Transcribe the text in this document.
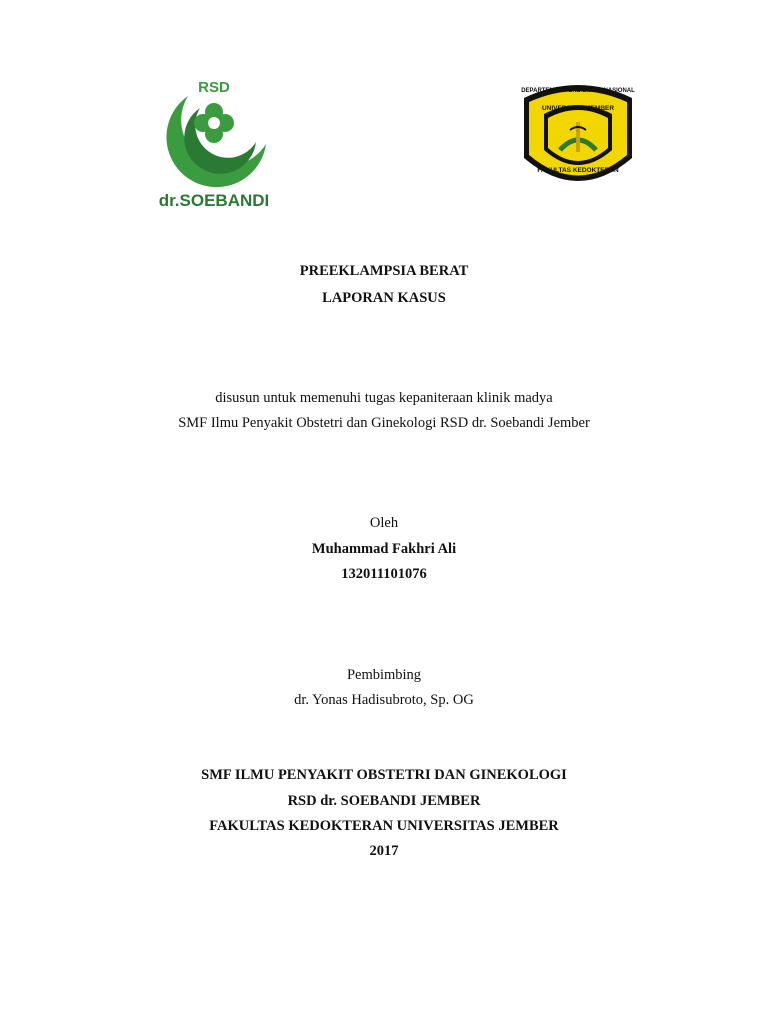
RSD
dr.SOEBANDI
UNIVERSITAS JEMBER
DEPARTEMEN PENDIDIKAN NASIONAL
FAKULTAS KEDOKTERAN
PREEKLAMPSIA BERAT
LAPORAN KASUS
disusun untuk memenuhi tugas kepaniteraan klinik madya
SMF Ilmu Penyakit Obstetri dan Ginekologi RSD dr. Soebandi Jember
Oleh
Muhammad Fakhri Ali
132011101076
Pembimbing
dr. Yonas Hadisubroto, Sp. OG
SMF ILMU PENYAKIT OBSTETRI DAN GINEKOLOGI
RSD dr. SOEBANDI JEMBER
FAKULTAS KEDOKTERAN UNIVERSITAS JEMBER
2017
